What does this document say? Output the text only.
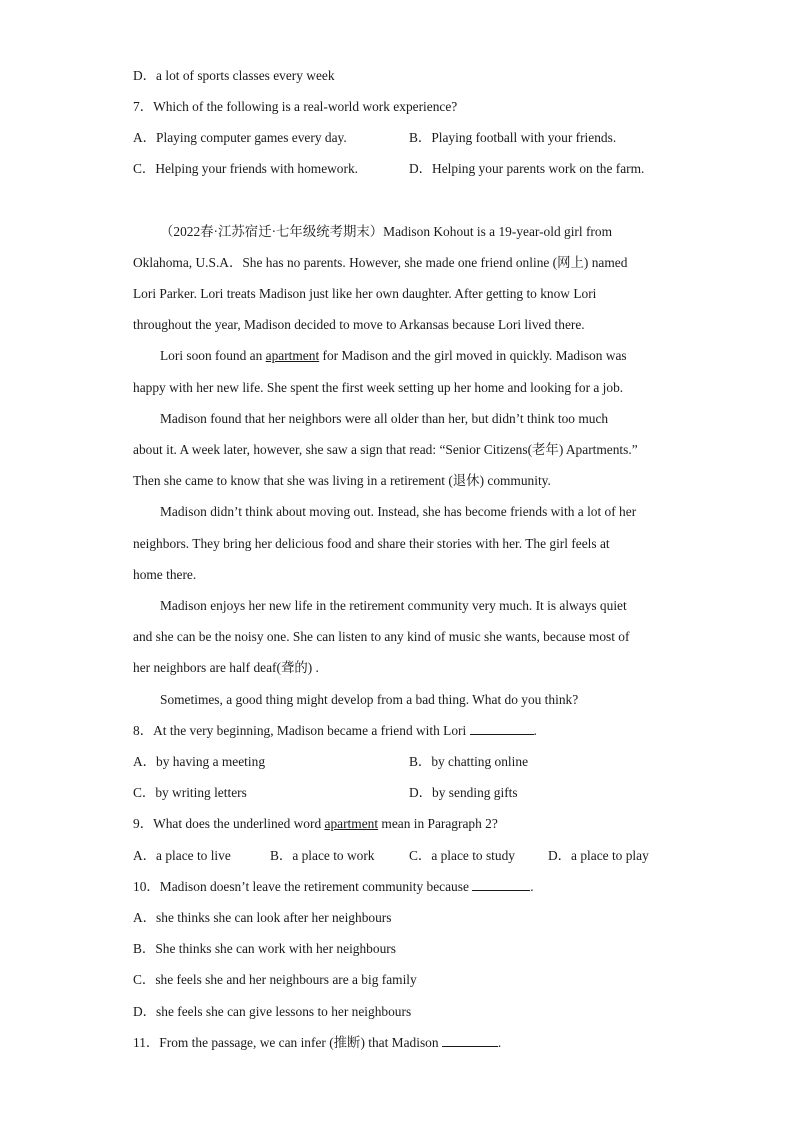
D．a lot of sports classes every week
7．Which of the following is a real-world work experience?
A．Playing computer games every day.	B．Playing football with your friends.
C．Helping your friends with homework.	D．Helping your parents work on the farm.
（2022春·江苏宿迁·七年级统考期末）Madison Kohout is a 19-year-old girl from
Oklahoma, U.S.A．She has no parents. However, she made one friend online (网上) named
Lori Parker. Lori treats Madison just like her own daughter. After getting to know Lori
throughout the year, Madison decided to move to Arkansas because Lori lived there.
Lori soon found an apartment for Madison and the girl moved in quickly. Madison was
happy with her new life. She spent the first week setting up her home and looking for a job.
Madison found that her neighbors were all older than her, but didn’t think too much
about it. A week later, however, she saw a sign that read: “Senior Citizens(老年) Apartments.”
Then she came to know that she was living in a retirement (退休) community.
Madison didn’t think about moving out. Instead, she has become friends with a lot of her
neighbors. They bring her delicious food and share their stories with her. The girl feels at
home there.
Madison enjoys her new life in the retirement community very much. It is always quiet
and she can be the noisy one. She can listen to any kind of music she wants, because most of
her neighbors are half deaf(聋的) .
Sometimes, a good thing might develop from a bad thing. What do you think?
8．At the very beginning, Madison became a friend with Lori	.
A．by having a meeting	B．by chatting online
C．by writing letters	D．by sending gifts
9．What does the underlined word apartment mean in Paragraph 2?
A．a place to live	B．a place to work	C．a place to study D．a place to play
10．Madison doesn’t leave the retirement community because	.
A．she thinks she can look after her neighbours
B．She thinks she can work with her neighbours
C．she feels she and her neighbours are a big family
D．she feels she can give lessons to her neighbours
11．From the passage, we can infer (推断) that Madison	.
